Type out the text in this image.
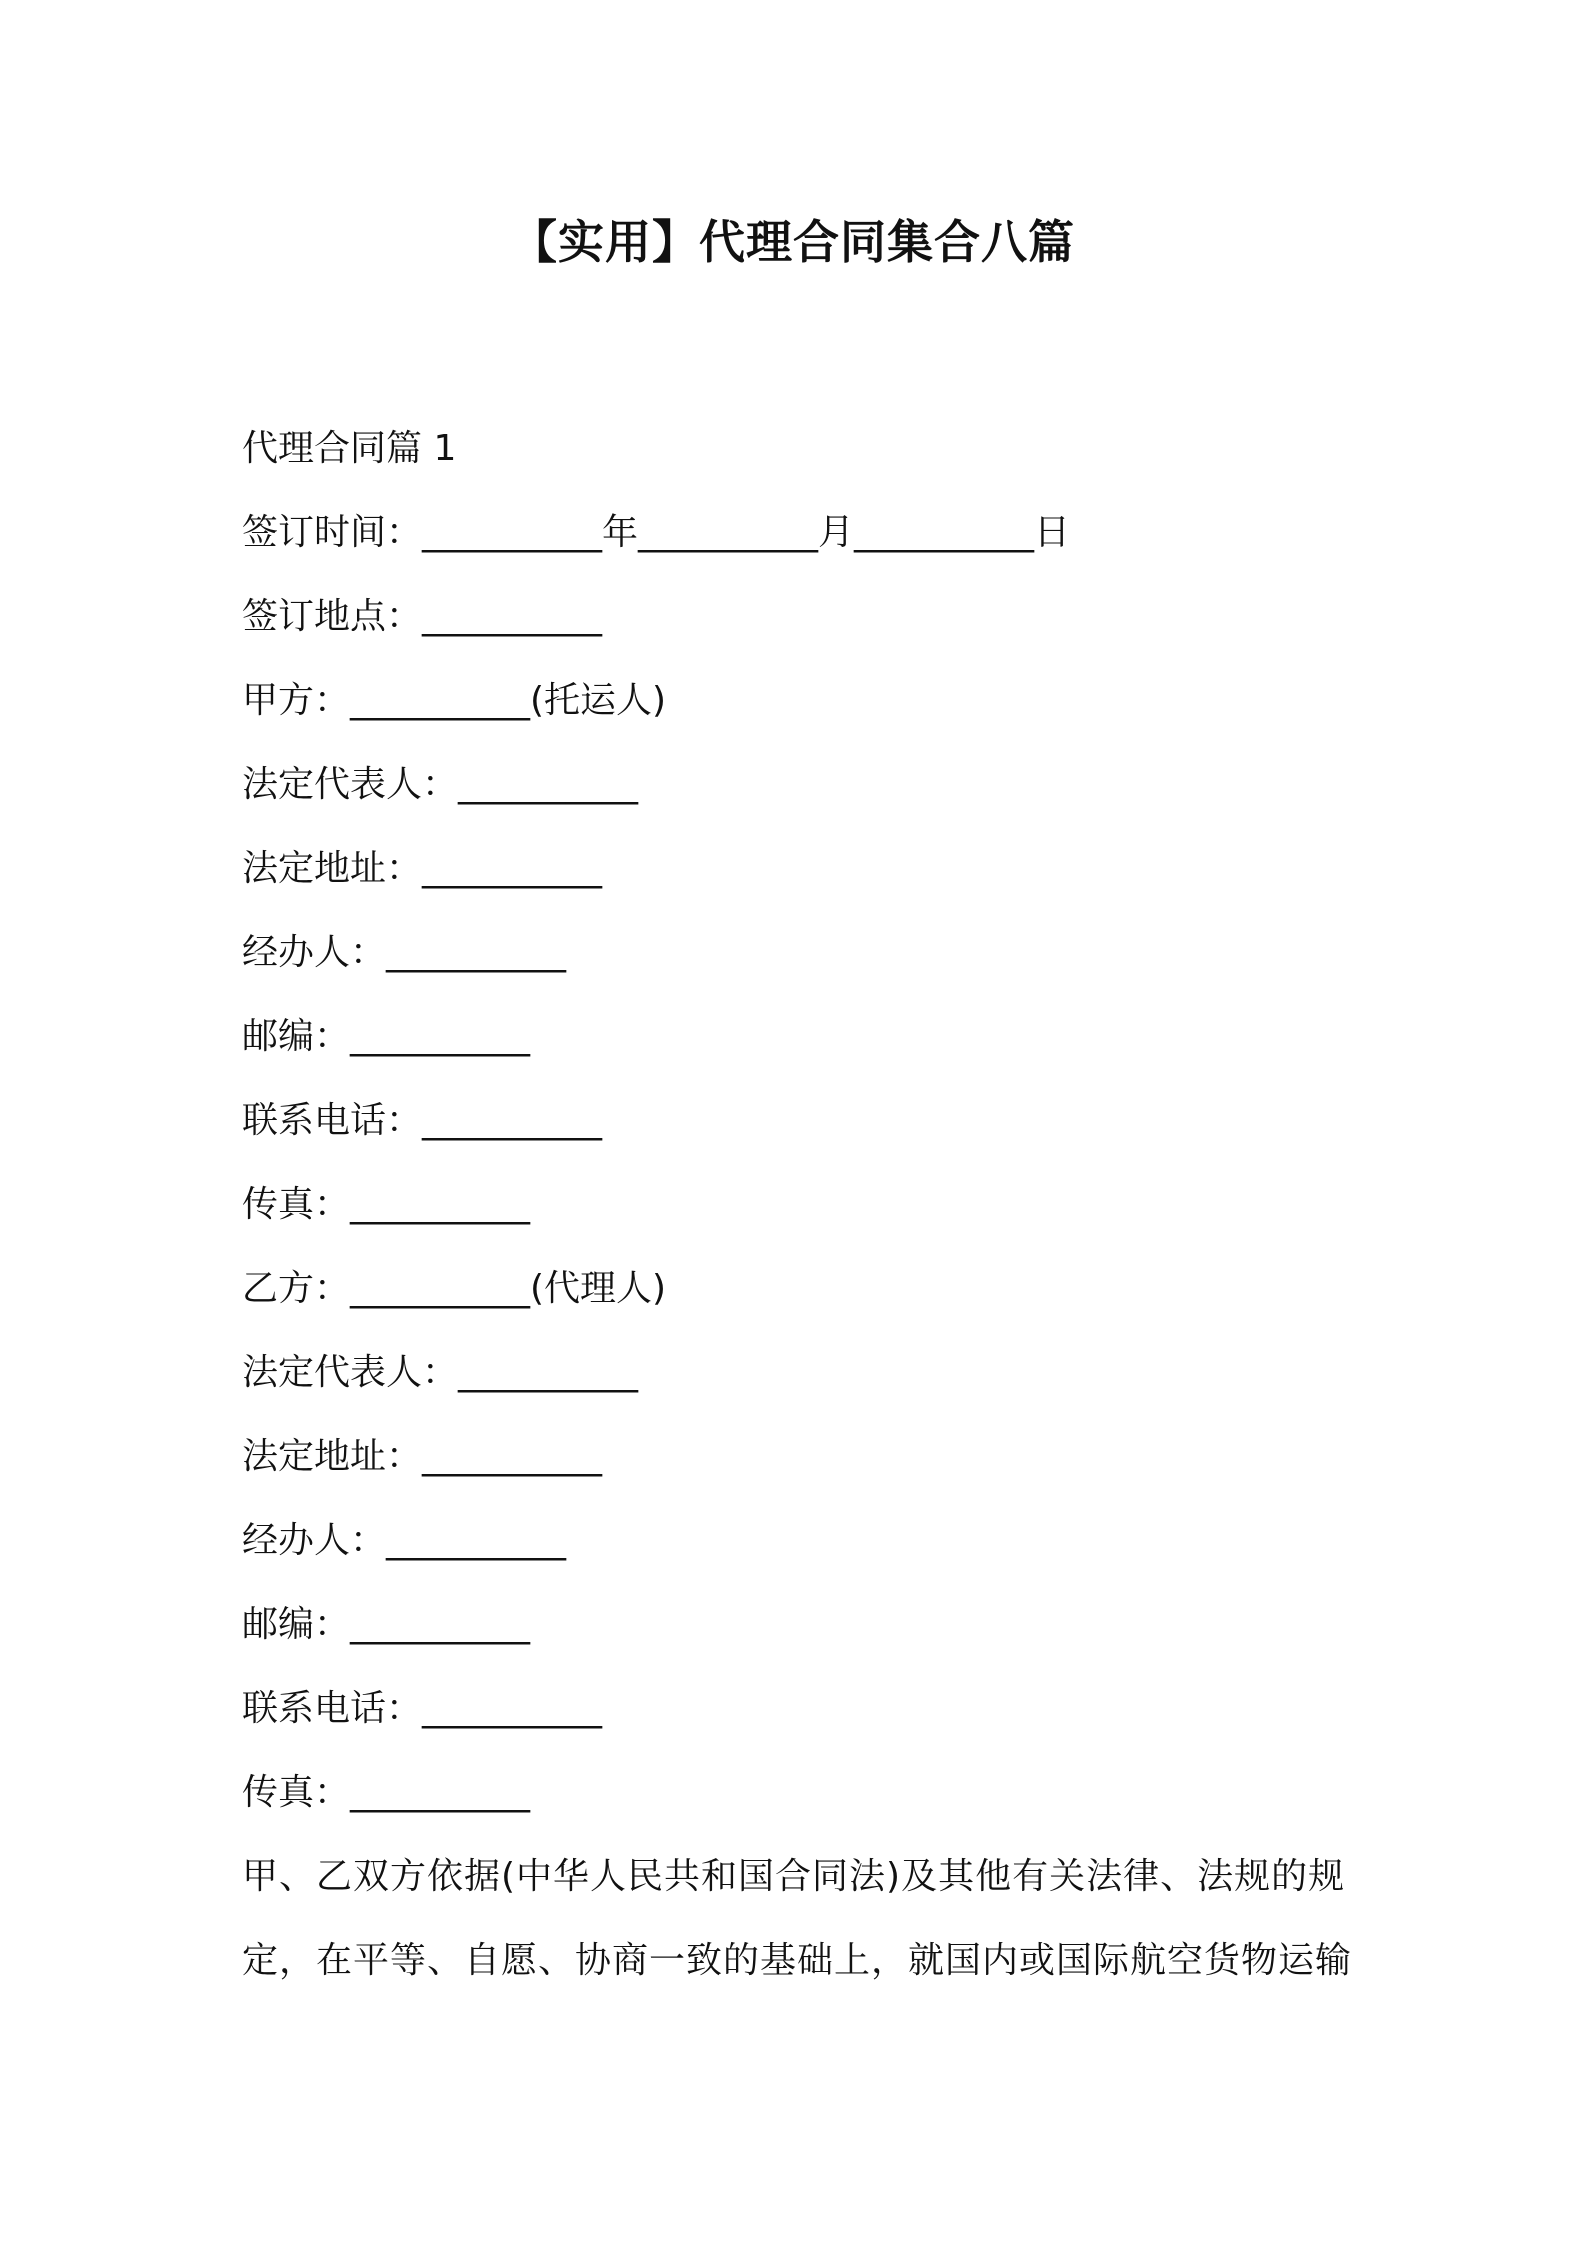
【实用】代理合同集合八篇

代理合同篇 1

签订时间：__________年__________月__________日

签订地点：__________

甲方：__________(托运人)

法定代表人：__________

法定地址：__________

经办人：__________

邮编：__________

联系电话：__________

传真：__________

乙方：__________(代理人)

法定代表人：__________

法定地址：__________

经办人：__________

邮编：__________

联系电话：__________

传真：__________

甲、乙双方依据(中华人民共和国合同法)及其他有关法律、法规的规

定，在平等、自愿、协商一致的基础上，就国内或国际航空货物运输
